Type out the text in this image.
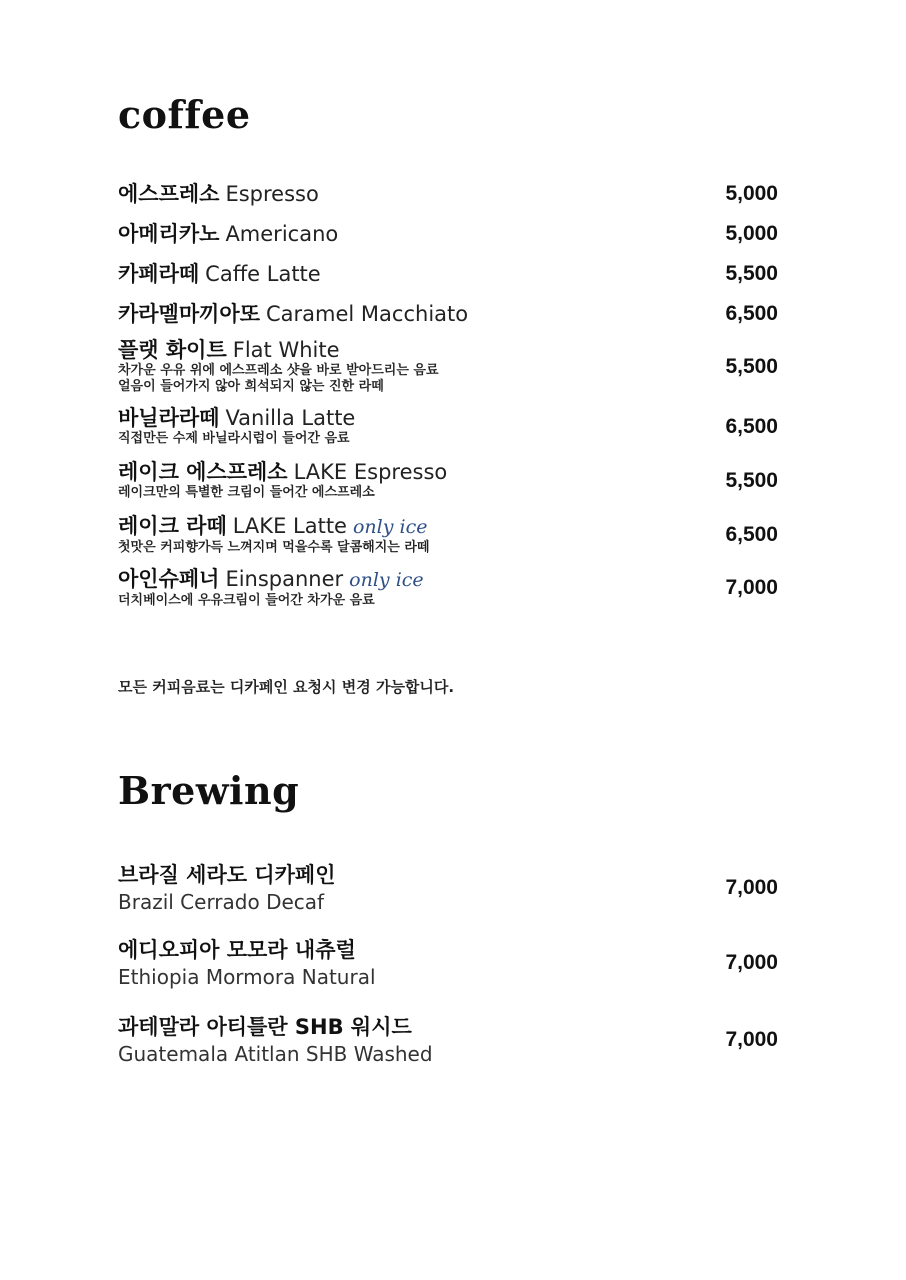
coffee
에스프레소 Espresso	5,000
아메리카노 Americano	5,000
카페라떼 Caffe Latte	5,500
카라멜마끼아또 Caramel Macchiato	6,500
플랫 화이트 Flat White
차가운 우유 위에 에스프레소 샷을 바로 받아드리는 음료
얼음이 들어가지 않아 희석되지 않는 진한 라떼
5,500
바닐라라떼 Vanilla Latte
직접만든 수제 바닐라시럽이 들어간 음료
6,500
레이크 에스프레소 LAKE Espresso
레이크만의 특별한 크림이 들어간 에스프레소
5,500
레이크 라떼 LAKE Latte only ice
첫맛은 커피향가득 느껴지며 먹을수록 달콤해지는 라떼
6,500
아인슈페너 Einspanner only ice
더치베이스에 우유크림이 들어간 차가운 음료
7,000

모든 커피음료는 디카페인 요청시 변경 가능합니다.

Brewing
브라질 세라도 디카페인
Brazil Cerrado Decaf
7,000
에디오피아 모모라 내츄럴
Ethiopia Mormora Natural
7,000
과테말라 아티틀란 SHB 워시드
Guatemala Atitlan SHB Washed
7,000
